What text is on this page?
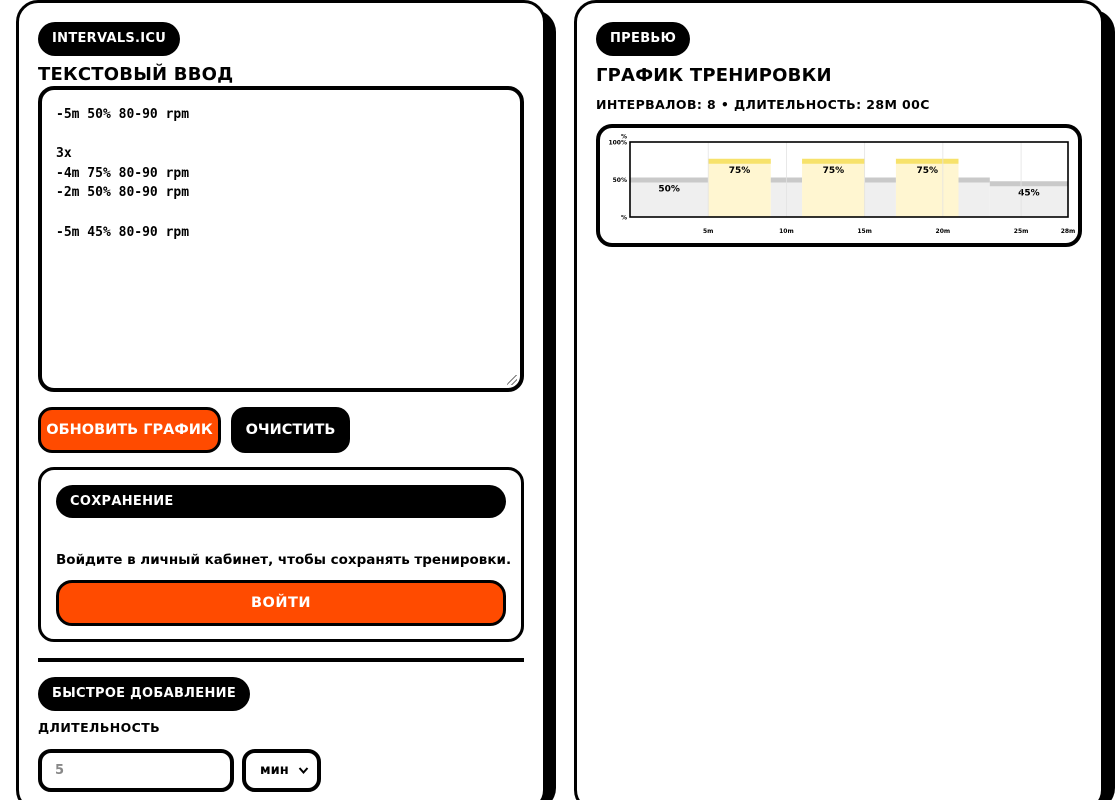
INTERVALS.ICU
ТЕКСТОВЫЙ ВВОД
-5m 50% 80-90 rpm

3x
-4m 75% 80-90 rpm
-2m 50% 80-90 rpm

-5m 45% 80-90 rpm
ОБНОВИТЬ ГРАФИК	ОЧИСТИТЬ
СОХРАНЕНИЕ
Войдите в личный кабинет, чтобы сохранять тренировки.
ВОЙТИ
БЫСТРОЕ ДОБАВЛЕНИЕ
ДЛИТЕЛЬНОСТЬ
5	мин
ПРЕВЬЮ
ГРАФИК ТРЕНИРОВКИ
ИНТЕРВАЛОВ: 8 • ДЛИТЕЛЬНОСТЬ: 28М 00С
50%
75%	75%	75%
45%
%
100%
50%
%
5m	10m	15m	20m	25m	28m
